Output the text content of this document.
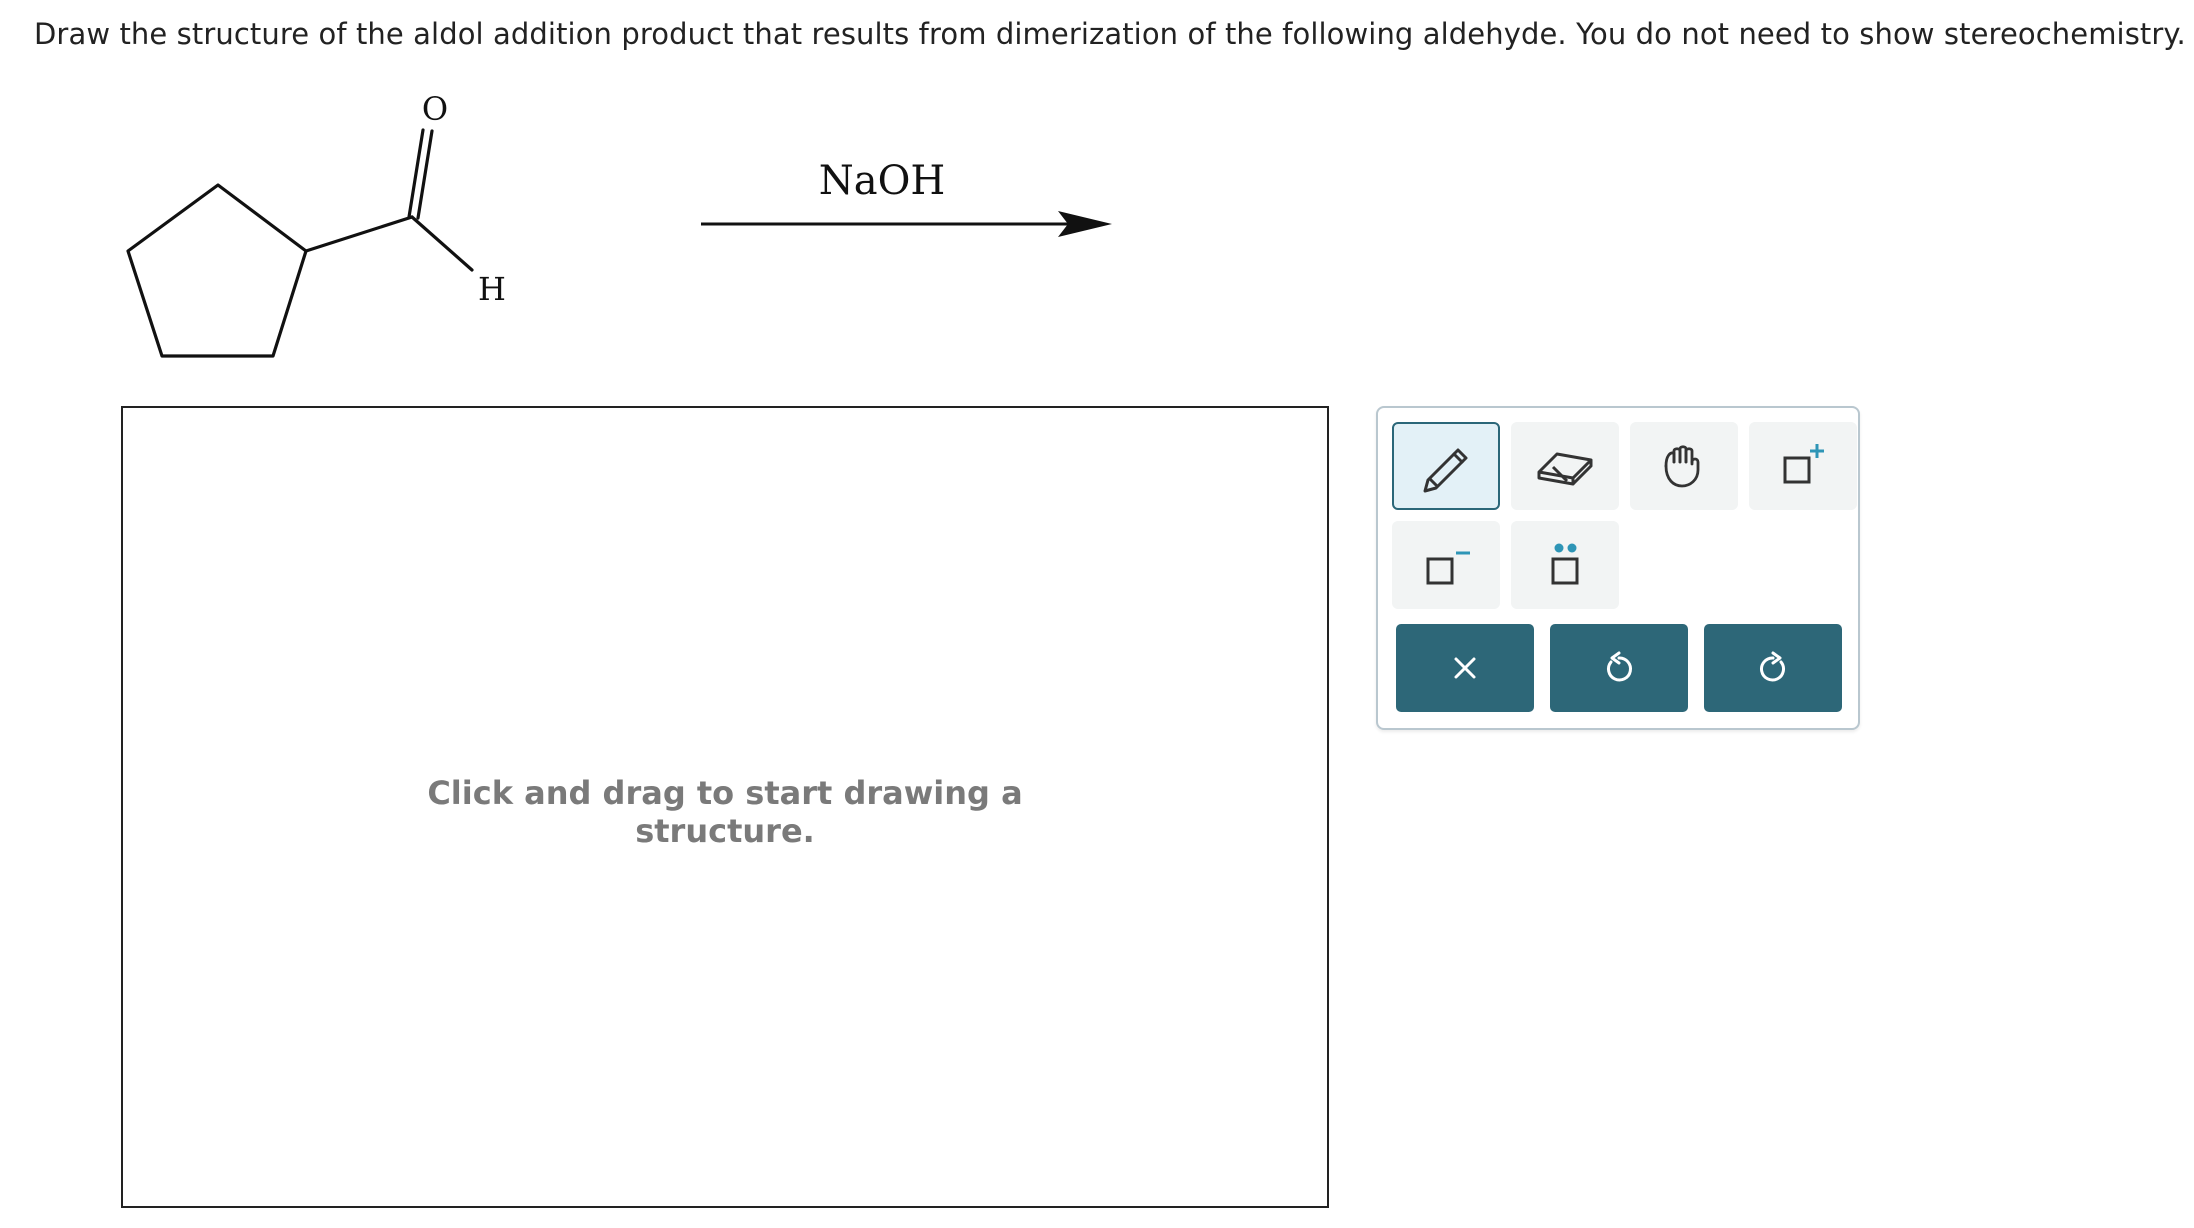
Draw the structure of the aldol addition product that results from dimerization of the following aldehyde. You do not need to show stereochemistry.
O
H
NaOH
Click and drag to start drawing a
structure.
